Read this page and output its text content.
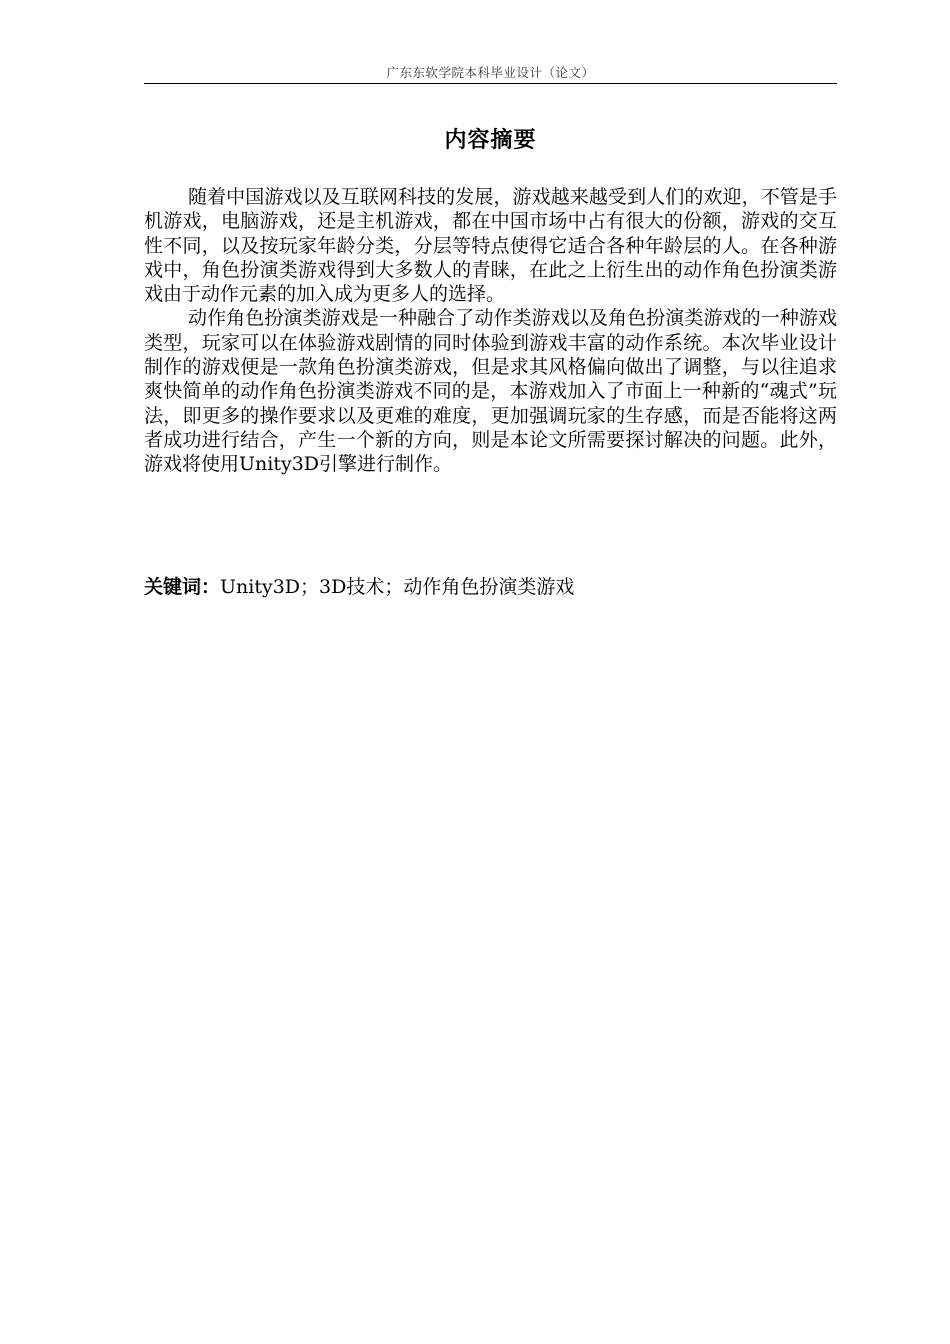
广东东软学院本科毕业设计（论文）
内容摘要

随着中国游戏以及互联网科技的发展，游戏越来越受到人们的欢迎，不管是手机游戏，电脑游戏，还是主机游戏，都在中国市场中占有很大的份额，游戏的交互性不同，以及按玩家年龄分类，分层等特点使得它适合各种年龄层的人。在各种游戏中，角色扮演类游戏得到大多数人的青睐，在此之上衍生出的动作角色扮演类游戏由于动作元素的加入成为更多人的选择。

动作角色扮演类游戏是一种融合了动作类游戏以及角色扮演类游戏的一种游戏类型，玩家可以在体验游戏剧情的同时体验到游戏丰富的动作系统。本次毕业设计制作的游戏便是一款角色扮演类游戏，但是求其风格偏向做出了调整，与以往追求爽快简单的动作角色扮演类游戏不同的是，本游戏加入了市面上一种新的“魂式”玩法，即更多的操作要求以及更难的难度，更加强调玩家的生存感，而是否能将这两者成功进行结合，产生一个新的方向，则是本论文所需要探讨解决的问题。此外，游戏将使用Unity3D引擎进行制作。

关键词：Unity3D；3D技术；动作角色扮演类游戏
